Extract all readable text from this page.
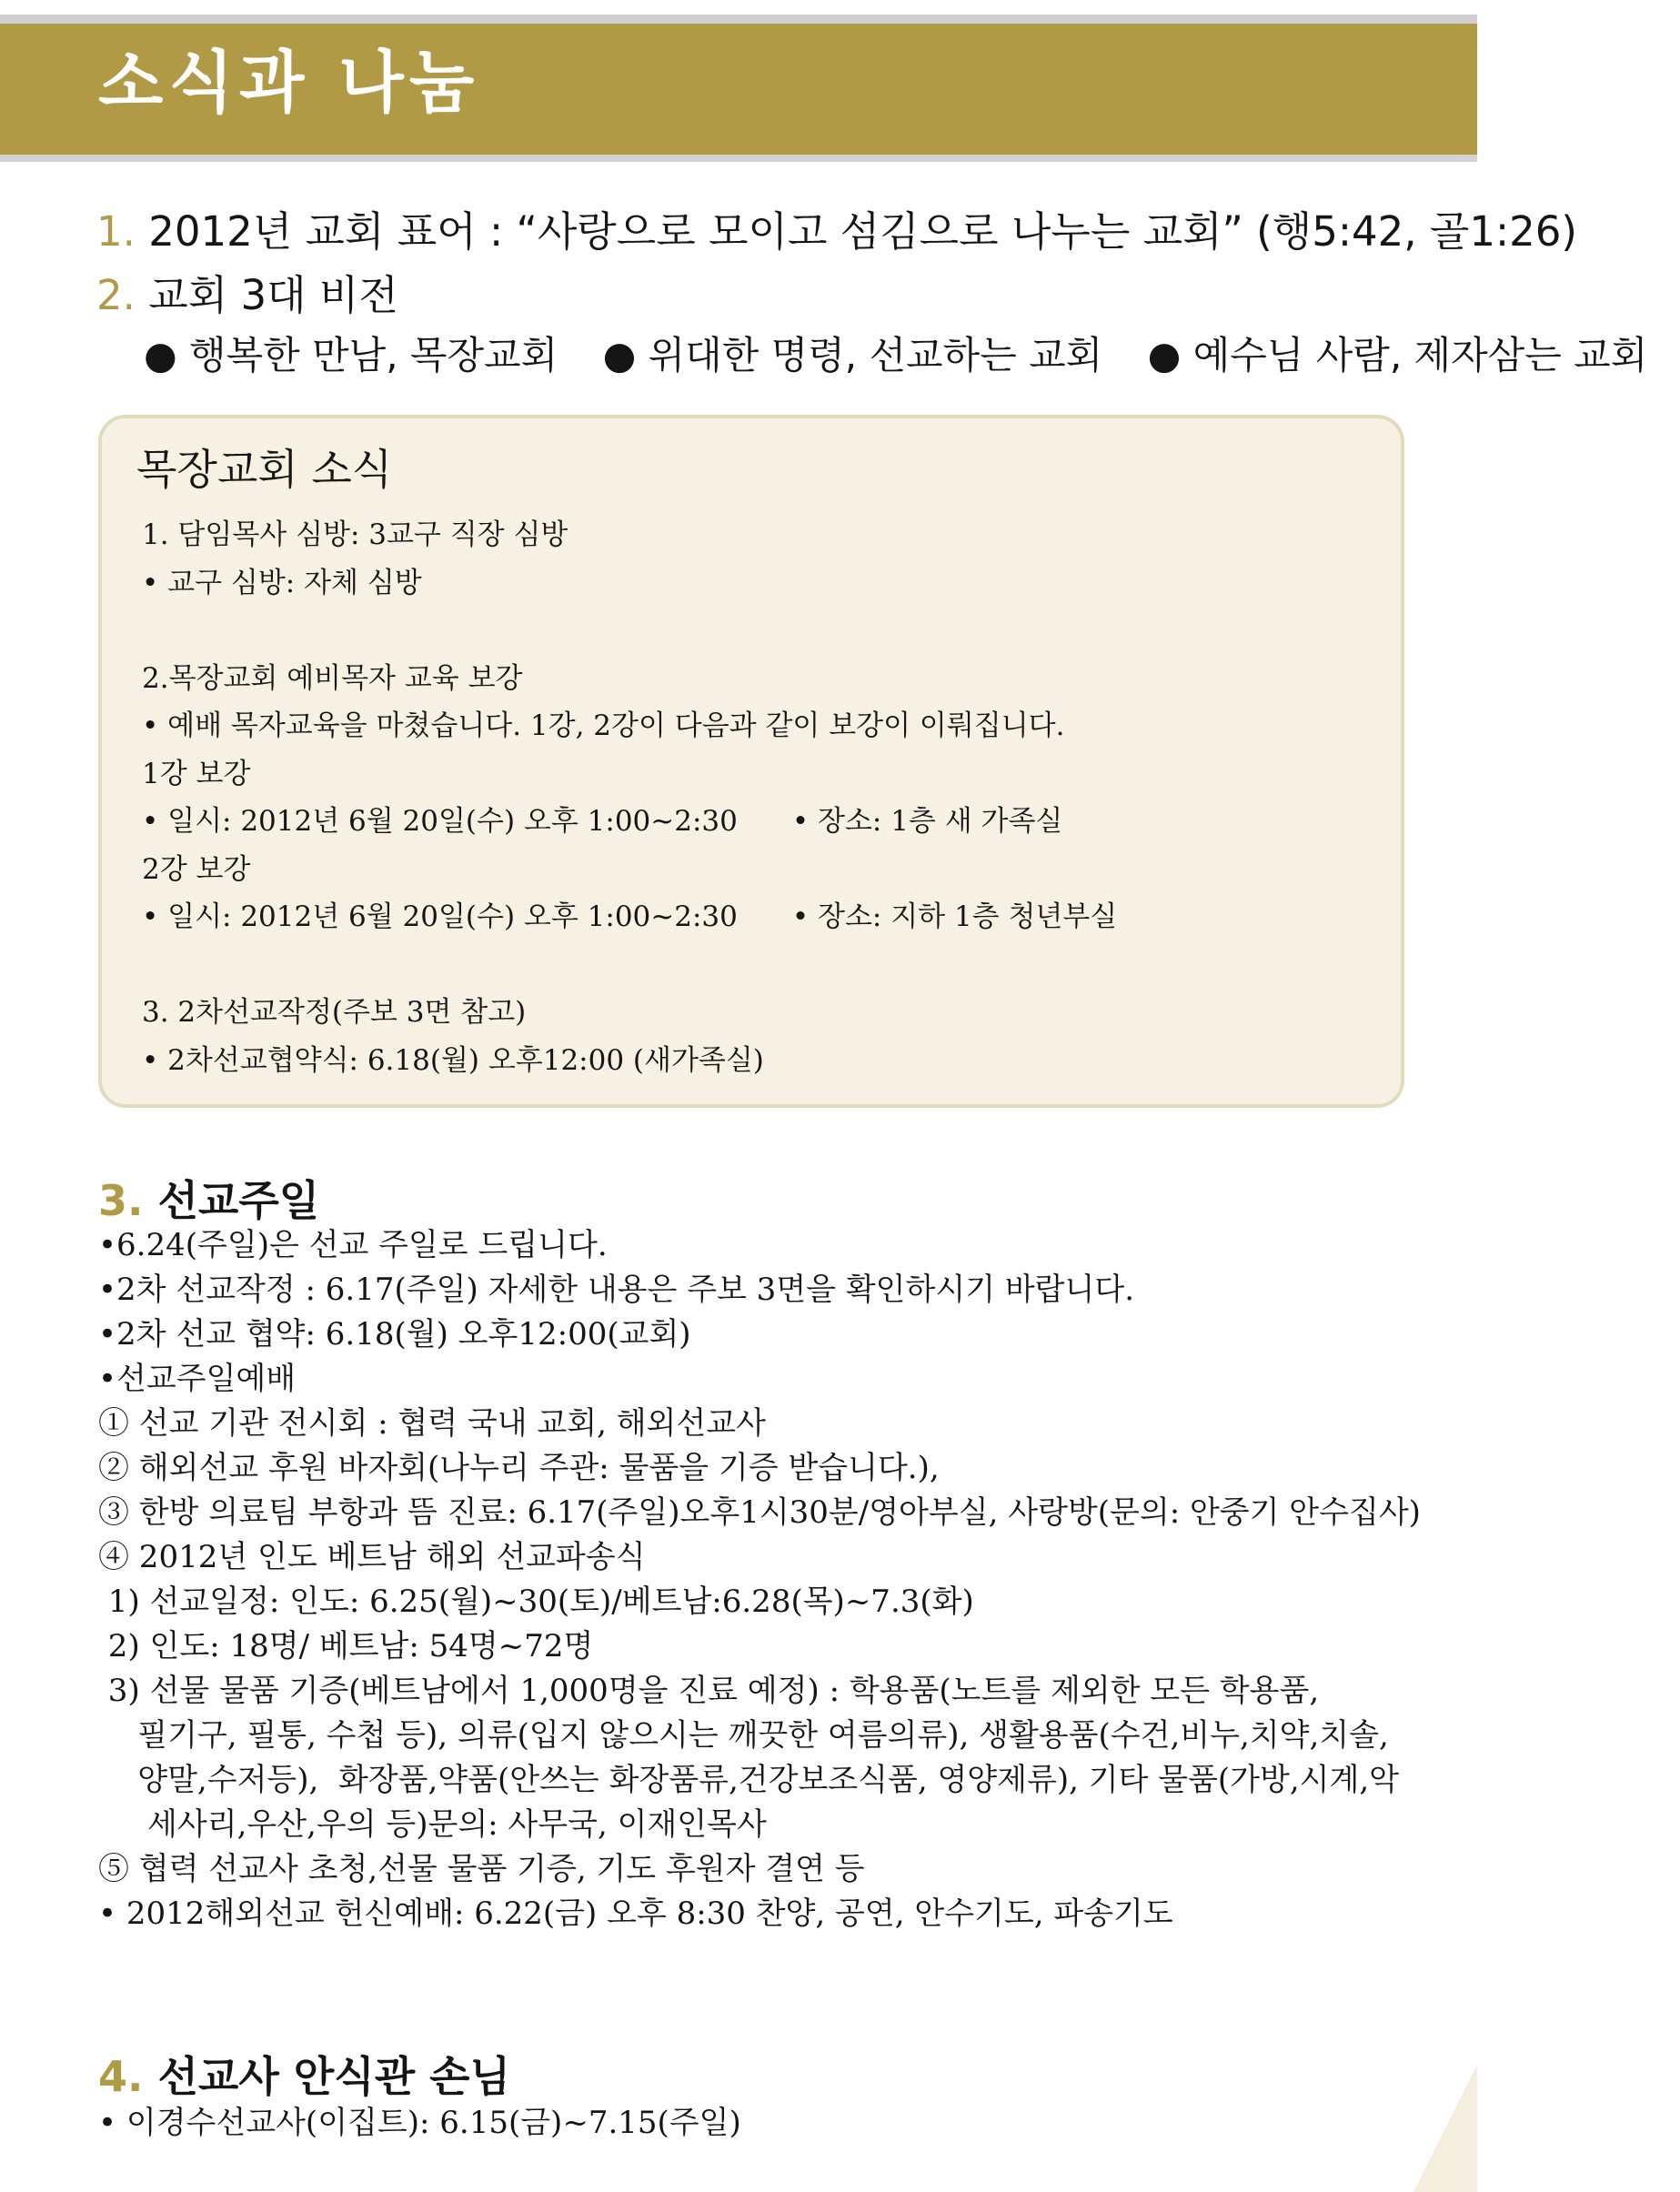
소식과 나눔
1. 2012년 교회 표어 : “사랑으로 모이고 섬김으로 나누는 교회” (행5:42, 골1:26)
2. 교회 3대 비전
● 행복한 만남, 목장교회 ● 위대한 명령, 선교하는 교회 ● 예수님 사람, 제자삼는 교회
목장교회 소식
1. 담임목사 심방: 3교구 직장 심방
• 교구 심방: 자체 심방
2.목장교회 예비목자 교육 보강
• 예배 목자교육을 마쳤습니다. 1강, 2강이 다음과 같이 보강이 이뤄집니다.
1강 보강
• 일시: 2012년 6월 20일(수) 오후 1:00~2:30 • 장소: 1층 새 가족실
2강 보강
• 일시: 2012년 6월 20일(수) 오후 1:00~2:30 • 장소: 지하 1층 청년부실
3. 2차선교작정(주보 3면 참고)
• 2차선교협약식: 6.18(월) 오후12:00 (새가족실)
3. 선교주일
•6.24(주일)은 선교 주일로 드립니다.
•2차 선교작정 : 6.17(주일) 자세한 내용은 주보 3면을 확인하시기 바랍니다.
•2차 선교 협약: 6.18(월) 오후12:00(교회)
•선교주일예배
① 선교 기관 전시회 : 협력 국내 교회, 해외선교사
② 해외선교 후원 바자회(나누리 주관: 물품을 기증 받습니다.),
③ 한방 의료팀 부항과 뜸 진료: 6.17(주일)오후1시30분/영아부실, 사랑방(문의: 안중기 안수집사)
④ 2012년 인도 베트남 해외 선교파송식
1) 선교일정: 인도: 6.25(월)~30(토)/베트남:6.28(목)~7.3(화)
2) 인도: 18명/ 베트남: 54명~72명
3) 선물 물품 기증(베트남에서 1,000명을 진료 예정) : 학용품(노트를 제외한 모든 학용품,
필기구, 필통, 수첩 등), 의류(입지 않으시는 깨끗한 여름의류), 생활용품(수건,비누,치약,치솔,
양말,수저등),  화장품,약품(안쓰는 화장품류,건강보조식품, 영양제류), 기타 물품(가방,시계,악
세사리,우산,우의 등)문의: 사무국, 이재인목사
⑤ 협력 선교사 초청,선물 물품 기증, 기도 후원자 결연 등
• 2012해외선교 헌신예배: 6.22(금) 오후 8:30 찬양, 공연, 안수기도, 파송기도
4. 선교사 안식관 손님
• 이경수선교사(이집트): 6.15(금)~7.15(주일)
